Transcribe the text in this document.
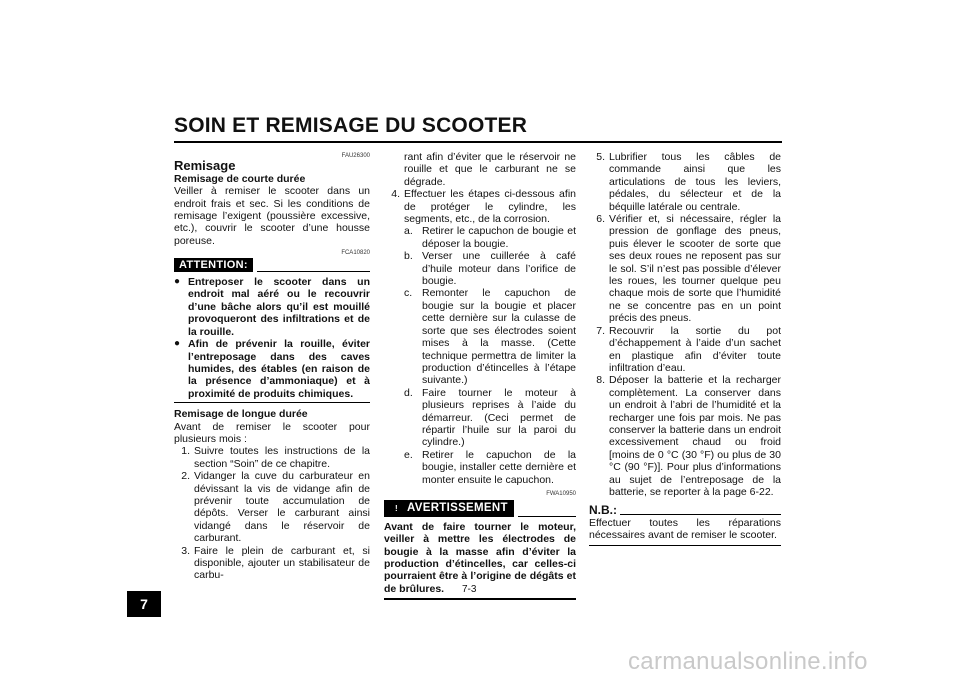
SOIN ET REMISAGE DU SCOOTER
7
FAU26300
Remisage
Remisage de courte durée
Veiller à remiser le scooter dans un endroit frais et sec. Si les conditions de remisage l’exigent (poussière excessive, etc.), couvrir le scooter d’une housse poreuse.
FCA10820
ATTENTION:
● Entreposer le scooter dans un endroit mal aéré ou le recouvrir d’une bâche alors qu’il est mouillé provoqueront des infiltrations et de la rouille.
● Afin de prévenir la rouille, éviter l’entreposage dans des caves humides, des étables (en raison de la présence d’ammoniaque) et à proximité de produits chimiques.
Remisage de longue durée
Avant de remiser le scooter pour plusieurs mois :
1. Suivre toutes les instructions de la section “Soin” de ce chapitre.
2. Vidanger la cuve du carburateur en dévissant la vis de vidange afin de prévenir toute accumulation de dépôts. Verser le carburant ainsi vidangé dans le réservoir de carburant.
3. Faire le plein de carburant et, si disponible, ajouter un stabilisateur de carbu-
rant afin d’éviter que le réservoir ne rouille et que le carburant ne se dégrade.
4. Effectuer les étapes ci-dessous afin de protéger le cylindre, les segments, etc., de la corrosion.
a. Retirer le capuchon de bougie et déposer la bougie.
b. Verser une cuillerée à café d’huile moteur dans l’orifice de bougie.
c. Remonter le capuchon de bougie sur la bougie et placer cette dernière sur la culasse de sorte que ses électrodes soient mises à la masse. (Cette technique permettra de limiter la production d’étincelles à l’étape suivante.)
d. Faire tourner le moteur à plusieurs reprises à l’aide du démarreur. (Ceci permet de répartir l’huile sur la paroi du cylindre.)
e. Retirer le capuchon de la bougie, installer cette dernière et monter ensuite le capuchon.
FWA10950
! AVERTISSEMENT
Avant de faire tourner le moteur, veiller à mettre les électrodes de bougie à la masse afin d’éviter la production d’étincelles, car celles-ci pourraient être à l’origine de dégâts et de brûlures.
5. Lubrifier tous les câbles de commande ainsi que les articulations de tous les leviers, pédales, du sélecteur et de la béquille latérale ou centrale.
6. Vérifier et, si nécessaire, régler la pression de gonflage des pneus, puis élever le scooter de sorte que ses deux roues ne reposent pas sur le sol. S’il n’est pas possible d’élever les roues, les tourner quelque peu chaque mois de sorte que l’humidité ne se concentre pas en un point précis des pneus.
7. Recouvrir la sortie du pot d’échappement à l’aide d’un sachet en plastique afin d’éviter toute infiltration d’eau.
8. Déposer la batterie et la recharger complètement. La conserver dans un endroit à l’abri de l’humidité et la recharger une fois par mois. Ne pas conserver la batterie dans un endroit excessivement chaud ou froid [moins de 0 °C (30 °F) ou plus de 30 °C (90 °F)]. Pour plus d’informations au sujet de l’entreposage de la batterie, se reporter à la page 6-22.
N.B.:
Effectuer toutes les réparations nécessaires avant de remiser le scooter.
7-3
carmanualsonline.info
